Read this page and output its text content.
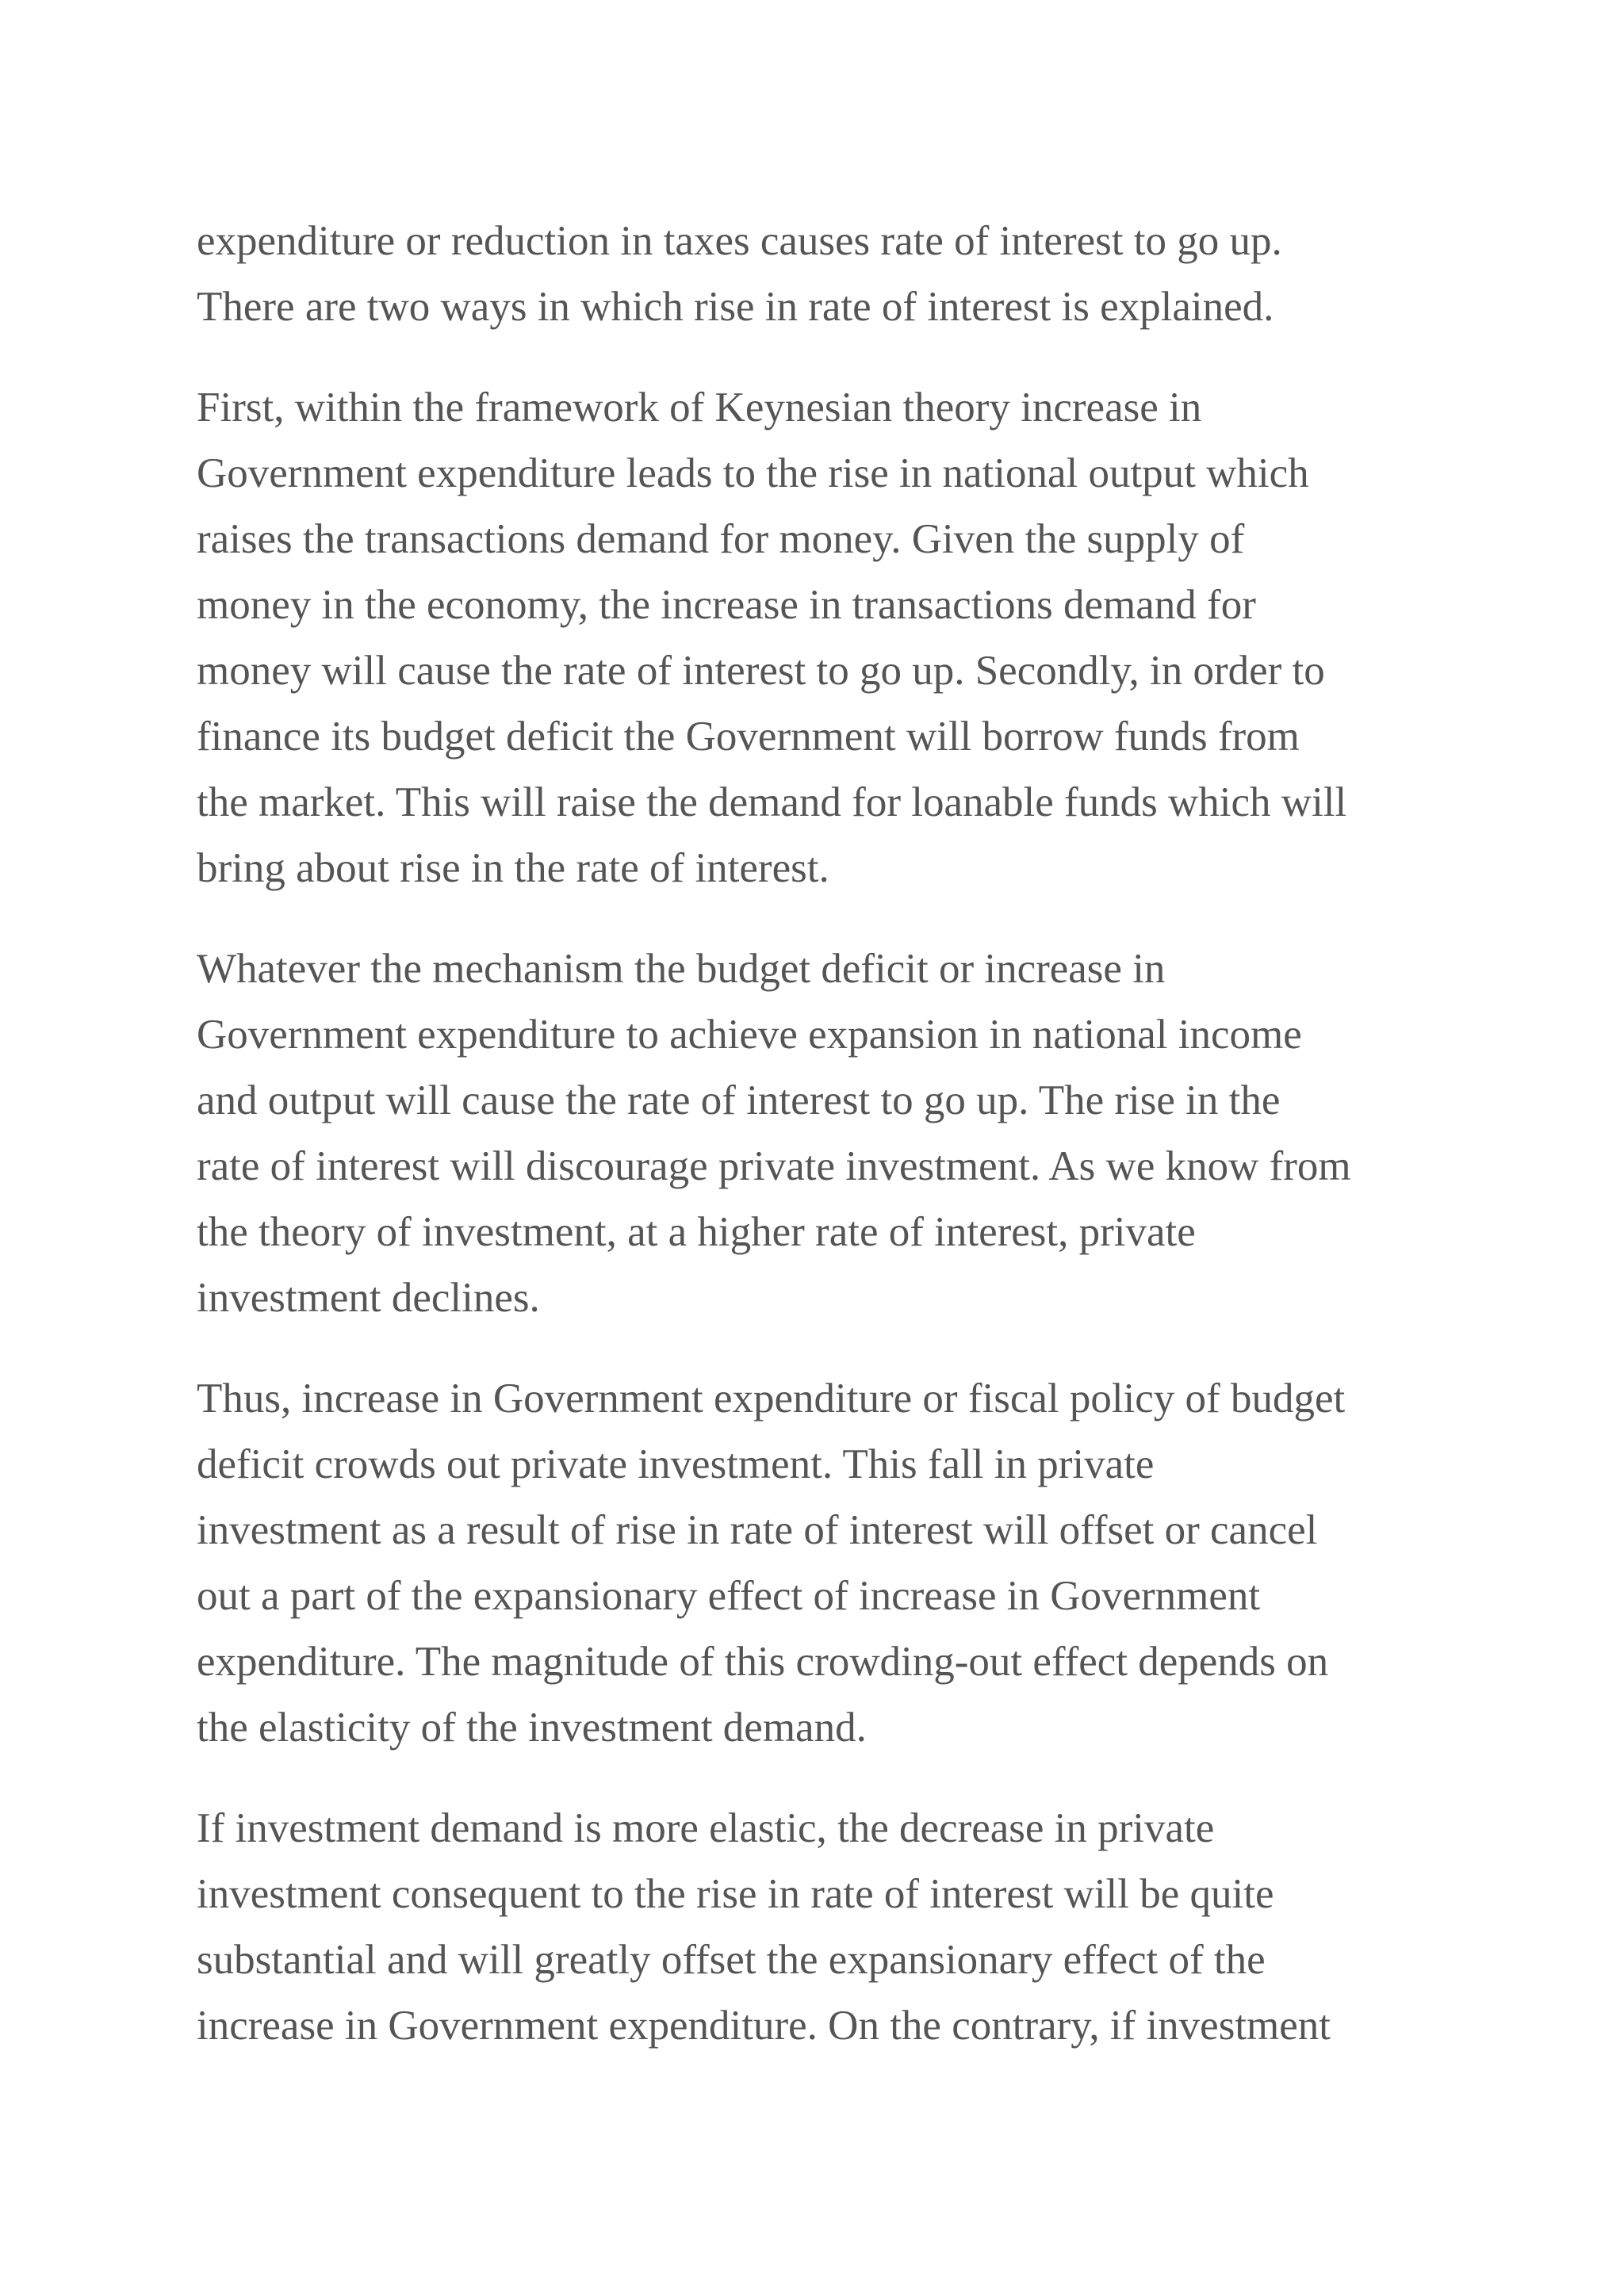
expenditure or reduction in taxes causes rate of interest to go up.
There are two ways in which rise in rate of interest is explained.

First, within the framework of Keynesian theory increase in
Government expenditure leads to the rise in national output which
raises the transactions demand for money. Given the supply of
money in the economy, the increase in transactions demand for
money will cause the rate of interest to go up. Secondly, in order to
finance its budget deficit the Government will borrow funds from
the market. This will raise the demand for loanable funds which will
bring about rise in the rate of interest.

Whatever the mechanism the budget deficit or increase in
Government expenditure to achieve expansion in national income
and output will cause the rate of interest to go up. The rise in the
rate of interest will discourage private investment. As we know from
the theory of investment, at a higher rate of interest, private
investment declines.

Thus, increase in Government expenditure or fiscal policy of budget
deficit crowds out private investment. This fall in private
investment as a result of rise in rate of interest will offset or cancel
out a part of the expansionary effect of increase in Government
expenditure. The magnitude of this crowding-out effect depends on
the elasticity of the investment demand.

If investment demand is more elastic, the decrease in private
investment consequent to the rise in rate of interest will be quite
substantial and will greatly offset the expansionary effect of the
increase in Government expenditure. On the contrary, if investment
